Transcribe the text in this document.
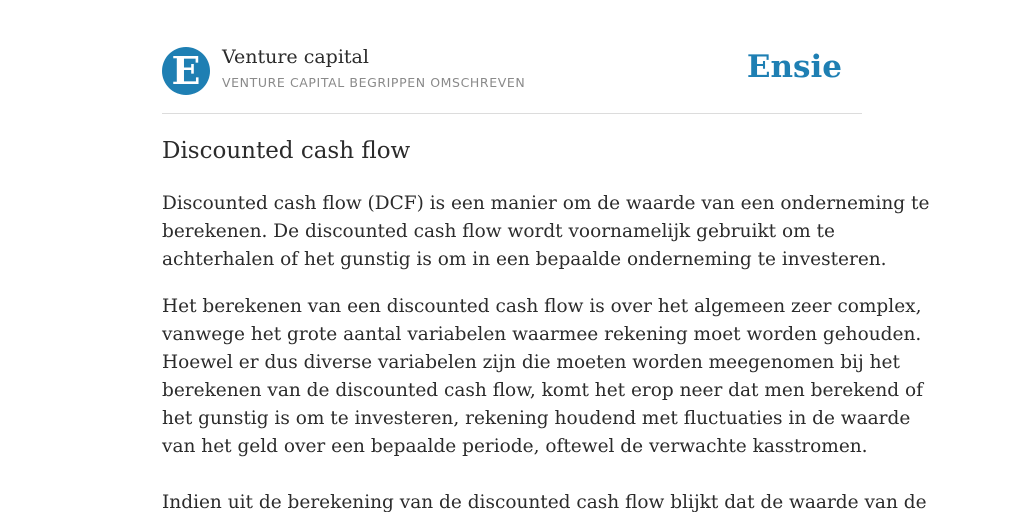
E	Venture capital
VENTURE CAPITAL BEGRIPPEN OMSCHREVEN	Ensie
Discounted cash flow

Discounted cash flow (DCF) is een manier om de waarde van een onderneming te
berekenen. De discounted cash flow wordt voornamelijk gebruikt om te
achterhalen of het gunstig is om in een bepaalde onderneming te investeren.

Het berekenen van een discounted cash flow is over het algemeen zeer complex,
vanwege het grote aantal variabelen waarmee rekening moet worden gehouden.
Hoewel er dus diverse variabelen zijn die moeten worden meegenomen bij het
berekenen van de discounted cash flow, komt het erop neer dat men berekend of
het gunstig is om te investeren, rekening houdend met fluctuaties in de waarde
van het geld over een bepaalde periode, oftewel de verwachte kasstromen.

Indien uit de berekening van de discounted cash flow blijkt dat de waarde van de
